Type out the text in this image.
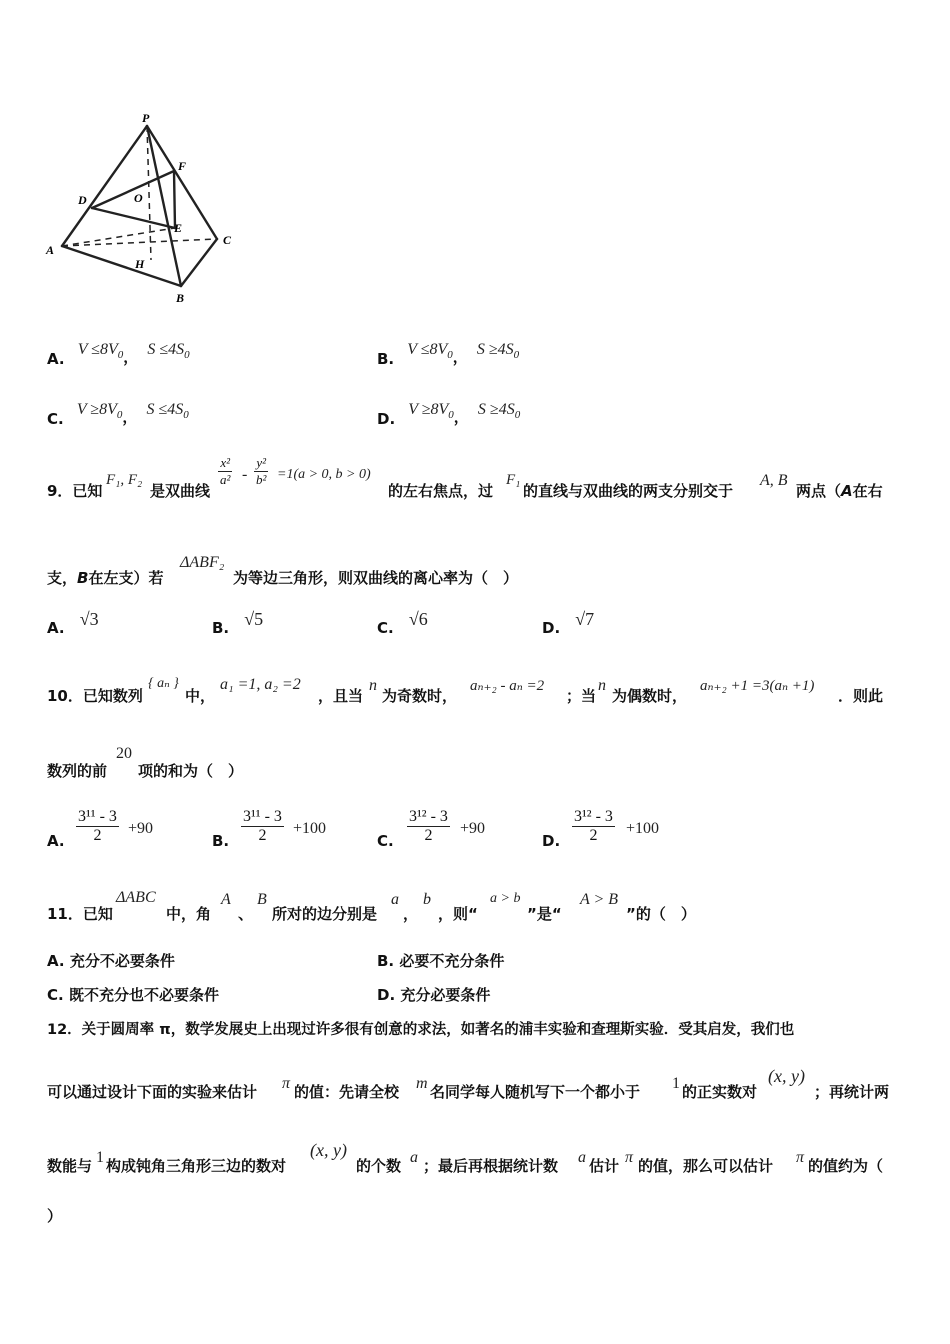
P
F
D	O
E
A
C
H
B
A. $V \le 8V_0$， $S \le 4S_0$	B. $V \le 8V_0$， $S \ge 4S_0$
C. $V \ge 8V_0$， $S \le 4S_0$	D. $V \ge 8V_0$， $S \ge 4S_0$
9．已知
F₁, F₂
是双曲线
$\frac{\text{x²}}{\text{a²}} - \frac{\text{y²}}{\text{b²}} =1(a > 0$, b > 0)
的左右焦点，过
F₁
的直线与双曲线的两支分别交于
A, B
两点（A在右
支，B在左支）若
ΔABF₂
为等边三角形，则双曲线的离心率为（　）
A. √3	B. √5	C. √6	D. √7
10．已知数列
{ aₙ }
中，
a₁ =1, a₂ =2
，且当
n
为奇数时，
aₙ₊₂ - aₙ =2
；当
n
为偶数时，
aₙ₊₂ +1 =3(aₙ +1)
．则此
数列的前
20
项的和为（　）
A. $\frac{\text{3¹¹ - 3}}{2} +90$
B. $\frac{\text{3¹¹ - 3}}{2} +100$
C. $\frac{\text{3¹² - 3}}{2} +90$
D. $\frac{\text{3¹² - 3}}{2} +100$
11．已知
ΔABC
中，角
A
、
B
所对的边分别是
a
，
b
，则“
a > b
”是“
A > B
”的（　）
A. 充分不必要条件	B. 必要不充分条件
C. 既不充分也不必要条件	D. 充分必要条件
12．关于圆周率 π，数学发展史上出现过许多很有创意的求法，如著名的浦丰实验和查理斯实验．受其启发，我们也
可以通过设计下面的实验来估计 π 的值：先请全校 m 名同学每人随机写下一个都小于 1 的正实数对
(x, y)
；再统计两
数能与 1 构成钝角三角形三边的数对
(x, y)
的个数 a ；最后再根据统计数 a 估计 π 的值，那么可以估计 π 的值约为（
）
